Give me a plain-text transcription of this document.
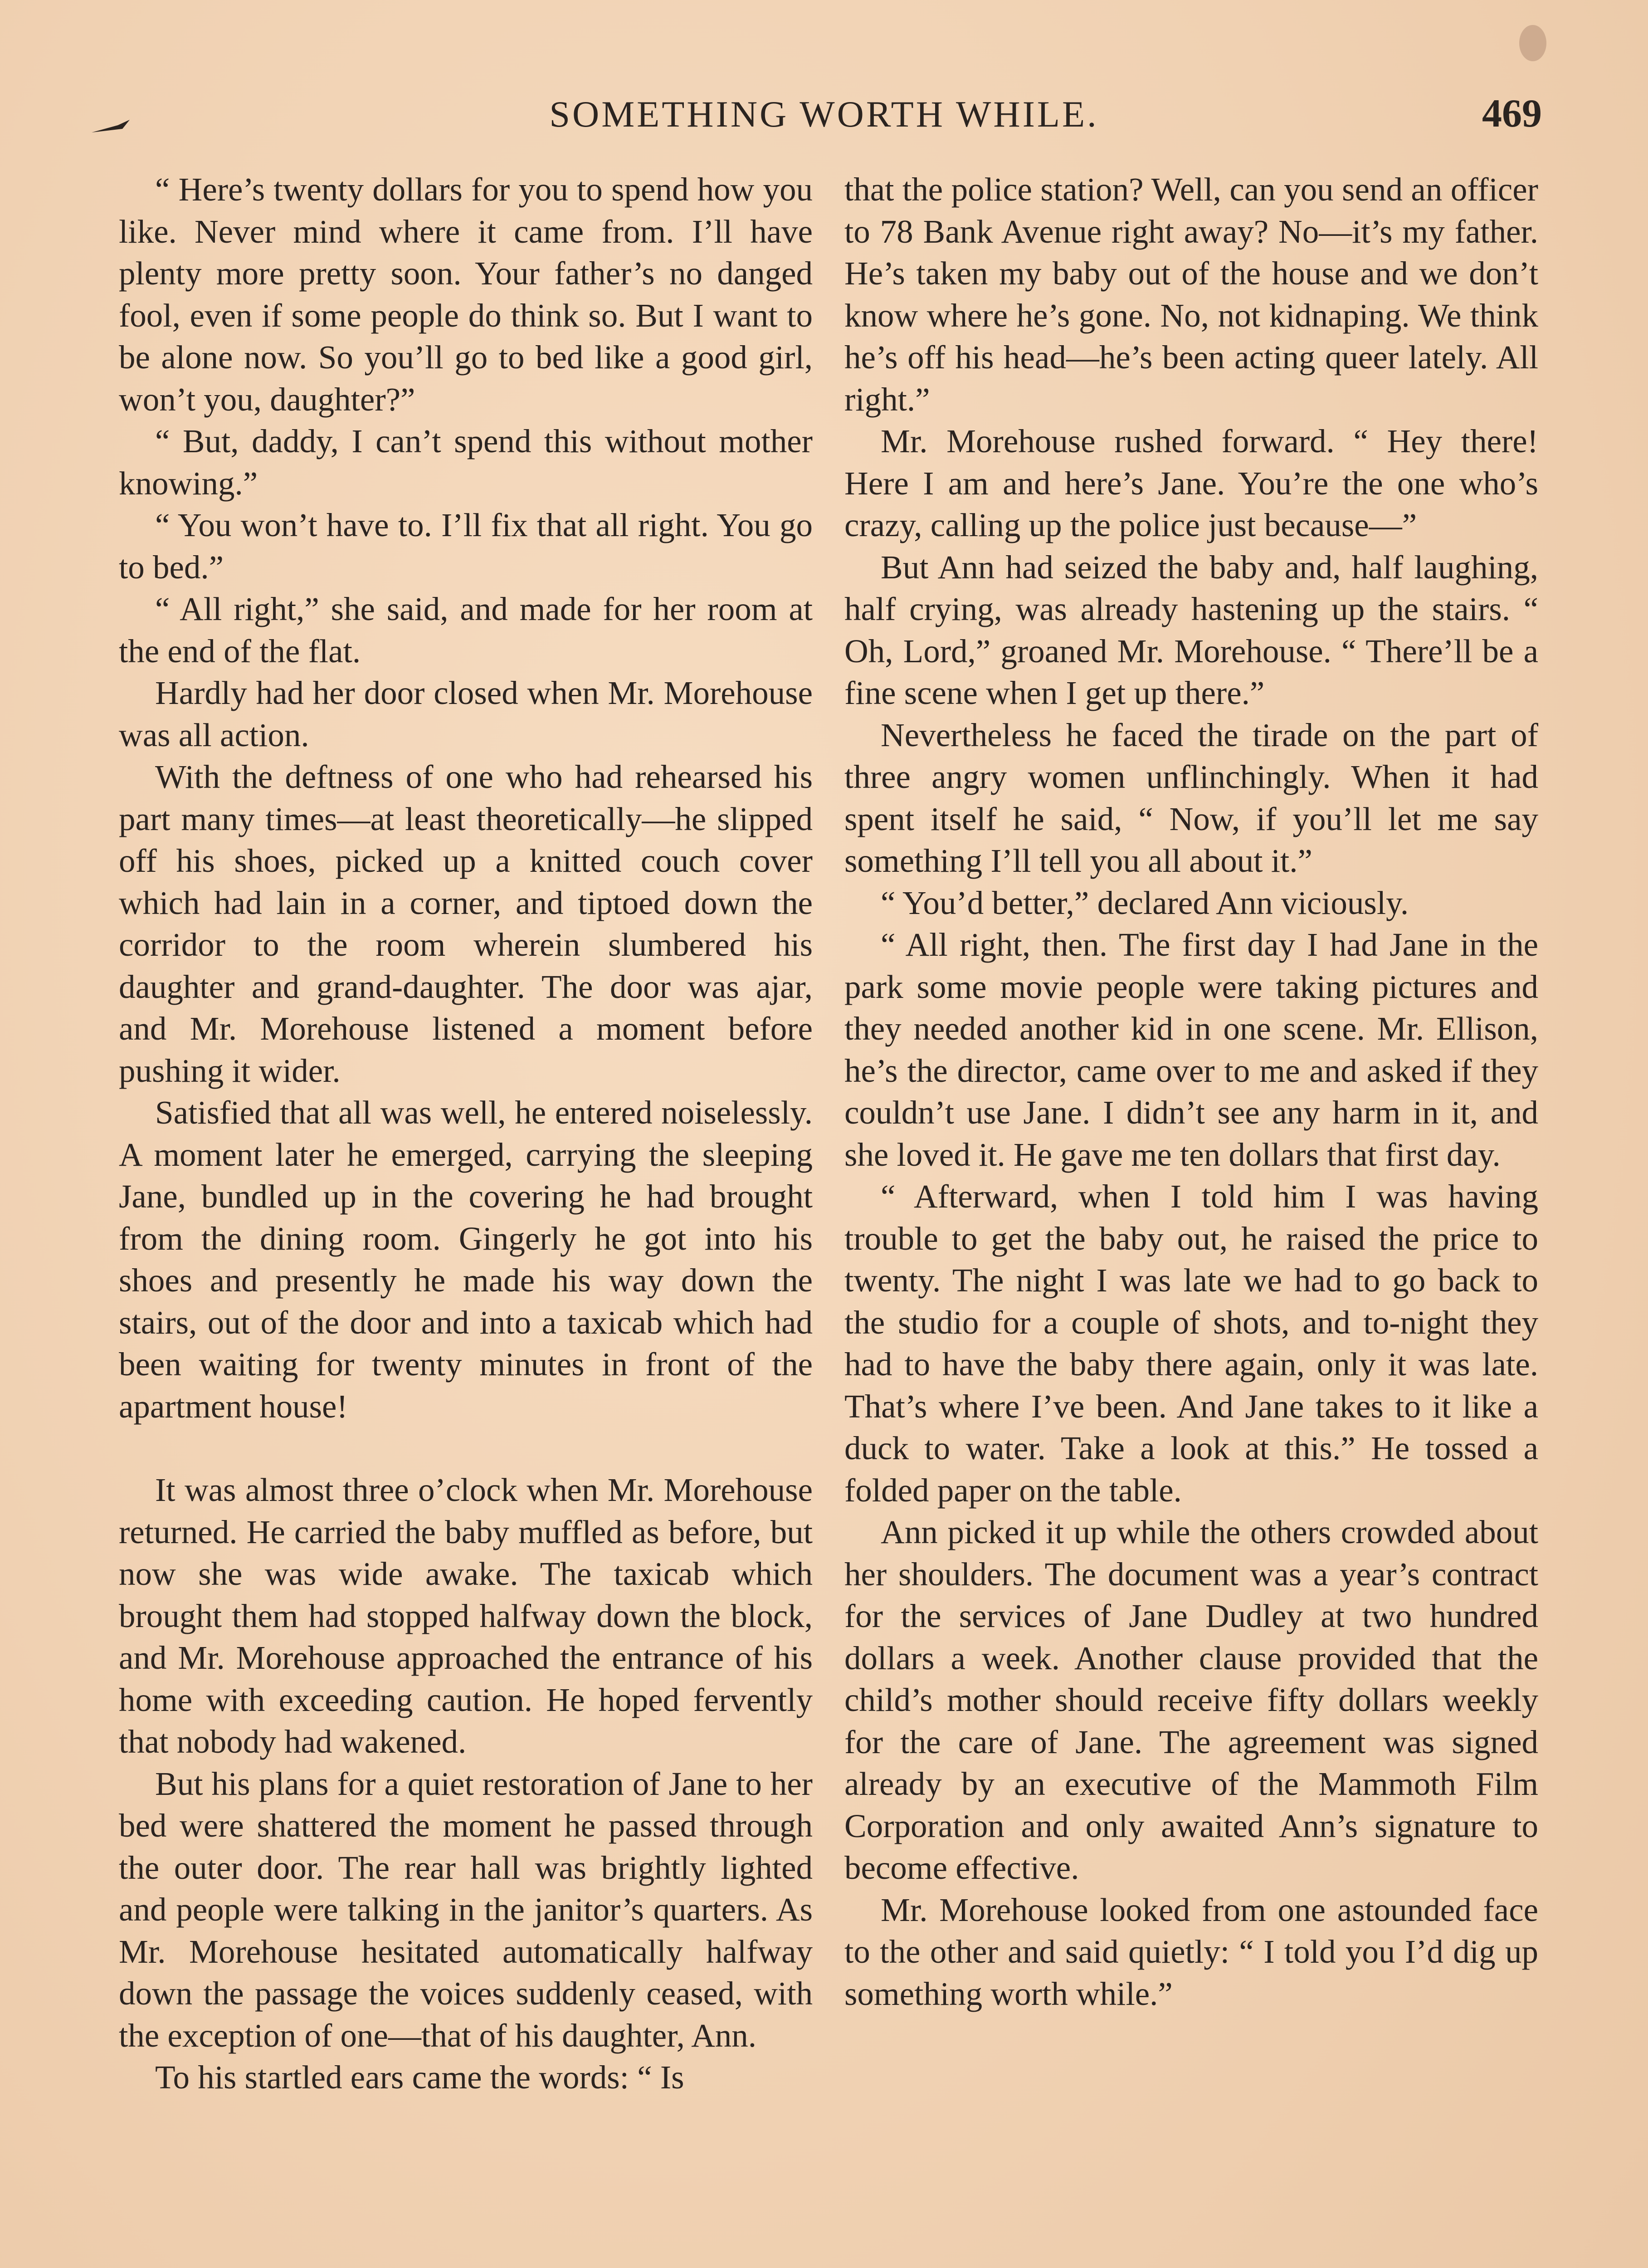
SOMETHING WORTH WHILE.	469

“ Here’s twenty dollars for you to spend how you like. Never mind where it came from. I’ll have plenty more pretty soon. Your father’s no danged fool, even if some people do think so. But I want to be alone now. So you’ll go to bed like a good girl, won’t you, daughter?”

“ But, daddy, I can’t spend this without mother knowing.”

“ You won’t have to. I’ll fix that all right. You go to bed.”

“ All right,” she said, and made for her room at the end of the flat.

Hardly had her door closed when Mr. Morehouse was all action.

With the deftness of one who had rehearsed his part many times—at least theoretically—he slipped off his shoes, picked up a knitted couch cover which had lain in a corner, and tiptoed down the corridor to the room wherein slumbered his daughter and grand-daughter. The door was ajar, and Mr. Morehouse listened a moment before pushing it wider.

Satisfied that all was well, he entered noiselessly. A moment later he emerged, carrying the sleeping Jane, bundled up in the covering he had brought from the dining room. Gingerly he got into his shoes and presently he made his way down the stairs, out of the door and into a taxicab which had been waiting for twenty minutes in front of the apartment house!

It was almost three o’clock when Mr. Morehouse returned. He carried the baby muffled as before, but now she was wide awake. The taxicab which brought them had stopped halfway down the block, and Mr. Morehouse approached the entrance of his home with exceeding caution. He hoped fervently that nobody had wakened.

But his plans for a quiet restoration of Jane to her bed were shattered the moment he passed through the outer door. The rear hall was brightly lighted and people were talking in the janitor’s quarters. As Mr. Morehouse hesitated automatically halfway down the passage the voices suddenly ceased, with the exception of one—that of his daughter, Ann.

To his startled ears came the words: “ Is

that the police station? Well, can you send an officer to 78 Bank Avenue right away? No—it’s my father. He’s taken my baby out of the house and we don’t know where he’s gone. No, not kidnaping. We think he’s off his head—he’s been acting queer lately. All right.”

Mr. Morehouse rushed forward. “ Hey there! Here I am and here’s Jane. You’re the one who’s crazy, calling up the police just because—”

But Ann had seized the baby and, half laughing, half crying, was already hastening up the stairs. “ Oh, Lord,” groaned Mr. Morehouse. “ There’ll be a fine scene when I get up there.”

Nevertheless he faced the tirade on the part of three angry women unflinchingly. When it had spent itself he said, “ Now, if you’ll let me say something I’ll tell you all about it.”

“ You’d better,” declared Ann viciously.

“ All right, then. The first day I had Jane in the park some movie people were taking pictures and they needed another kid in one scene. Mr. Ellison, he’s the director, came over to me and asked if they couldn’t use Jane. I didn’t see any harm in it, and she loved it. He gave me ten dollars that first day.

“ Afterward, when I told him I was having trouble to get the baby out, he raised the price to twenty. The night I was late we had to go back to the studio for a couple of shots, and to-night they had to have the baby there again, only it was late. That’s where I’ve been. And Jane takes to it like a duck to water. Take a look at this.” He tossed a folded paper on the table.

Ann picked it up while the others crowded about her shoulders. The document was a year’s contract for the services of Jane Dudley at two hundred dollars a week. Another clause provided that the child’s mother should receive fifty dollars weekly for the care of Jane. The agreement was signed already by an executive of the Mammoth Film Corporation and only awaited Ann’s signature to become effective.

Mr. Morehouse looked from one astounded face to the other and said quietly: “ I told you I’d dig up something worth while.”
